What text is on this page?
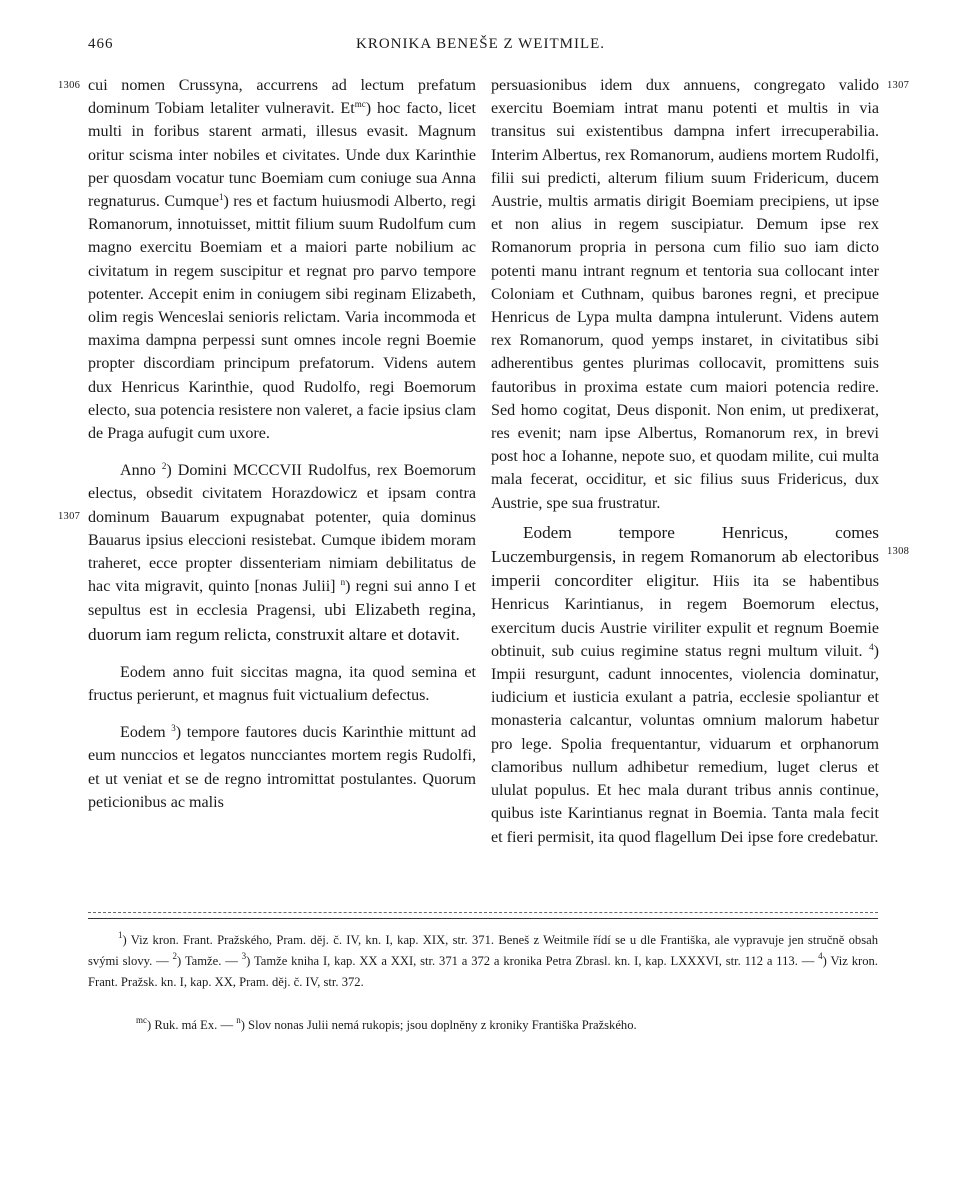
466	KRONIKA BENEŠE Z WEITMILE.
1306
1307
1307
1308

cui nomen Crussyna, accurrens ad lectum prefatum dominum Tobiam letaliter vulneravit. $Et^{mc}$) hoc facto, licet multi in foribus starent armati, illesus evasit. Magnum oritur scisma inter nobiles et civitates. Unde dux Karinthie per quosdam vocatur tunc Boemiam cum coniuge sua Anna regnaturus. Cumque$^1$) res et factum huiusmodi Alberto, regi Romanorum, innotuisset, mittit filium suum Rudolfum cum magno exercitu Boemiam et a maiori parte nobilium ac civitatum in regem suscipitur et regnat pro parvo tempore potenter. Accepit enim in coniugem sibi reginam Elizabeth, olim regis Wenceslai senioris relictam. Varia incommoda et maxima dampna perpessi sunt omnes incole regni Boemie propter discordiam principum prefatorum. Videns autem dux Henricus Karinthie, quod Rudolfo, regi Boemorum electo, sua potencia resistere non valeret, a facie ipsius clam de Praga aufugit cum uxore.

Anno $^2$) Domini MCCCVII Rudolfus, rex Boemorum electus, obsedit civitatem Horazdowicz et ipsam contra dominum Bauarum expugnabat potenter, quia dominus Bauarus ipsius eleccioni resistebat. Cumque ibidem moram traheret, ecce propter dissenteriam nimiam debilitatus de hac vita migravit, quinto [nonas Julii] $^n$) regni sui anno I et sepultus est in ecclesia Pragensi, ubi Elizabeth regina, duorum iam regum relicta, construxit altare et dotavit.

Eodem anno fuit siccitas magna, ita quod semina et fructus perierunt, et magnus fuit victualium defectus.

Eodem $^3$) tempore fautores ducis Karinthie mittunt ad eum nunccios et legatos nuncciantes mortem regis Rudolfi, et ut veniat et se de regno intromittat postulantes. Quorum peticionibus ac malis

persuasionibus idem dux annuens, congregato valido exercitu Boemiam intrat manu potenti et multis in via transitus sui existentibus dampna infert irrecuperabilia. Interim Albertus, rex Romanorum, audiens mortem Rudolfi, filii sui predicti, alterum filium suum Fridericum, ducem Austrie, multis armatis dirigit Boemiam precipiens, ut ipse et non alius in regem suscipiatur. Demum ipse rex Romanorum propria in persona cum filio suo iam dicto potenti manu intrant regnum et tentoria sua collocant inter Coloniam et Cuthnam, quibus barones regni, et precipue Henricus de Lypa multa dampna intulerunt. Videns autem rex Romanorum, quod yemps instaret, in civitatibus sibi adherentibus gentes plurimas collocavit, promittens suis fautoribus in proxima estate cum maiori potencia redire. Sed homo cogitat, Deus disponit. Non enim, ut predixerat, res evenit; nam ipse Albertus, Romanorum rex, in brevi post hoc a Iohanne, nepote suo, et quodam milite, cui multa mala fecerat, occiditur, et sic filius suus Fridericus, dux Austrie, spe sua frustratur.

Eodem tempore Henricus, comes Luczemburgensis, in regem Romanorum ab electoribus imperii concorditer eligitur. Hiis ita se habentibus Henricus Karintianus, in regem Boemorum electus, exercitum ducis Austrie viriliter expulit et regnum Boemie obtinuit, sub cuius regimine status regni multum viluit. $^4$) Impii resurgunt, cadunt innocentes, violencia dominatur, iudicium et iusticia exulant a patria, ecclesie spoliantur et monasteria calcantur, voluntas omnium malorum habetur pro lege. Spolia frequentantur, viduarum et orphanorum clamoribus nullum adhibetur remedium, luget clerus et ululat populus. Et hec mala durant tribus annis continue, quibus iste Karintianus regnat in Boemia. Tanta mala fecit et fieri permisit, ita quod flagellum Dei ipse fore credebatur.

$^1$) Viz kron. Frant. Pražského, Pram. děj. č. IV, kn. I, kap. XIX, str. 371. Beneš z Weitmile řídí se u dle Františka, ale vypravuje jen stručně obsah svými slovy. — $^2$) Tamže. — $^3$) Tamže kniha I, kap. XX a XXI, str. 371 a 372 a kronika Petra Zbrasl. kn. I, kap. LXXXVI, str. 112 a 113. — $^4$) Viz kron. Frant. Pražsk. kn. I, kap. XX, Pram. děj. č. IV, str. 372.

$^{mc}$) Ruk. má Ex. — $^n$) Slov nonas Julii nemá rukopis; jsou doplněny z kroniky Františka Pražského.
